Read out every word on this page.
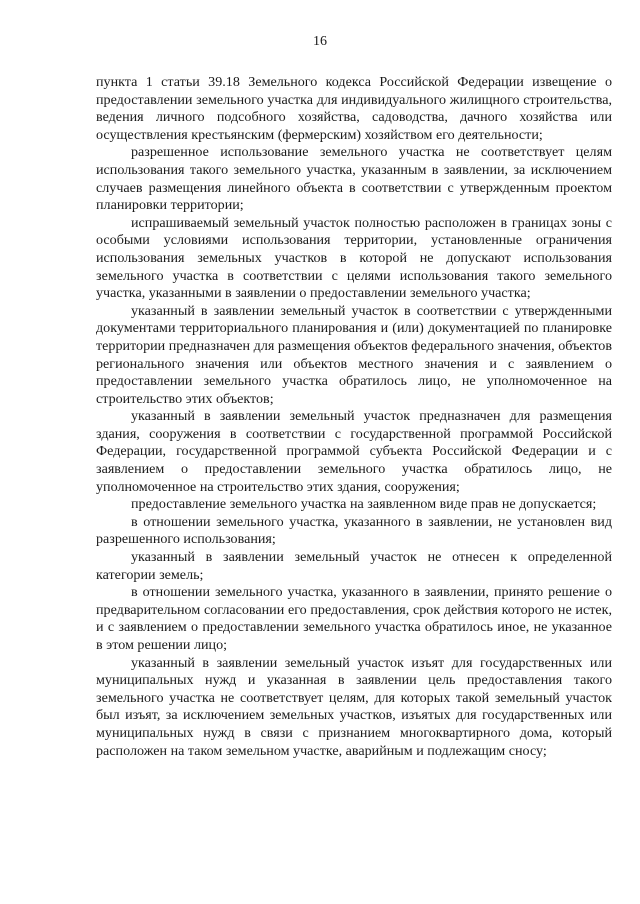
16

пункта 1 статьи 39.18 Земельного кодекса Российской Федерации извещение о предоставлении земельного участка для индивидуального жилищного строительства, ведения личного подсобного хозяйства, садоводства, дачного хозяйства или осуществления крестьянским (фермерским) хозяйством его деятельности;

разрешенное использование земельного участка не соответствует целям использования такого земельного участка, указанным в заявлении, за исключением случаев размещения линейного объекта в соответствии с утвержденным проектом планировки территории;

испрашиваемый земельный участок полностью расположен в границах зоны с особыми условиями использования территории, установленные ограничения использования земельных участков в которой не допускают использования земельного участка в соответствии с целями использования такого земельного участка, указанными в заявлении о предоставлении земельного участка;

указанный в заявлении земельный участок в соответствии с утвержденными документами территориального планирования и (или) документацией по планировке территории предназначен для размещения объектов федерального значения, объектов регионального значения или объектов местного значения и с заявлением о предоставлении земельного участка обратилось лицо, не уполномоченное на строительство этих объектов;

указанный в заявлении земельный участок предназначен для размещения здания, сооружения в соответствии с государственной программой Российской Федерации, государственной программой субъекта Российской Федерации и с заявлением о предоставлении земельного участка обратилось лицо, не уполномоченное на строительство этих здания, сооружения;

предоставление земельного участка на заявленном виде прав не допускается;

в отношении земельного участка, указанного в заявлении, не установлен вид разрешенного использования;

указанный в заявлении земельный участок не отнесен к определенной категории земель;

в отношении земельного участка, указанного в заявлении, принято решение о предварительном согласовании его предоставления, срок действия которого не истек, и с заявлением о предоставлении земельного участка обратилось иное, не указанное в этом решении лицо;

указанный в заявлении земельный участок изъят для государственных или муниципальных нужд и указанная в заявлении цель предоставления такого земельного участка не соответствует целям, для которых такой земельный участок был изъят, за исключением земельных участков, изъятых для государственных или муниципальных нужд в связи с признанием многоквартирного дома, который расположен на таком земельном участке, аварийным и подлежащим сносу;
